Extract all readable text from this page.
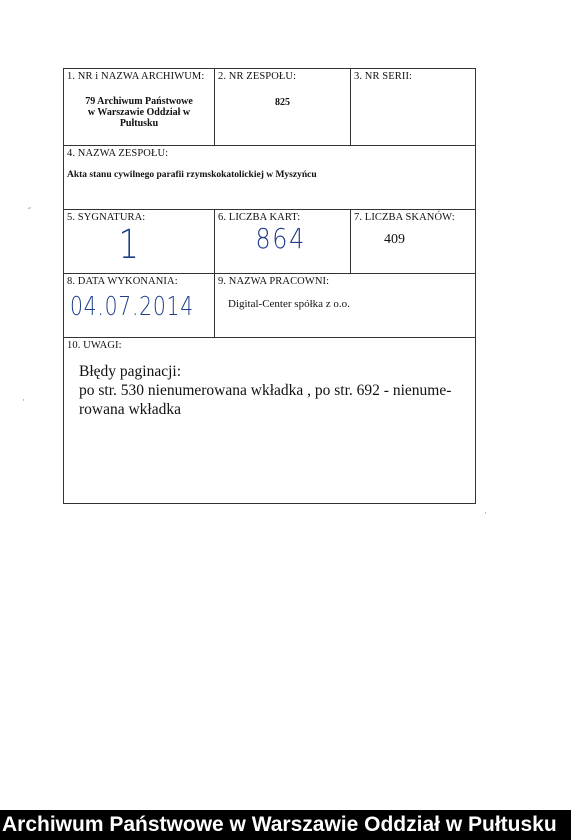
1. NR i NAZWA ARCHIWUM:
79 Archiwum Państwowe
w Warszawie Oddział w
Pułtusku
2. NR ZESPOŁU:
825
3. NR SERII:
4. NAZWA ZESPOŁU:
Akta stanu cywilnego parafii rzymskokatolickiej w Myszyńcu
5. SYGNATURA:
1
6. LICZBA KART:
864
7. LICZBA SKANÓW:
409
8. DATA WYKONANIA:
04.07.2014
9. NAZWA PRACOWNI:
Digital-Center spółka z o.o.
10. UWAGI:
Błędy paginacji:
po str. 530 nienumerowana wkładka , po str. 692 - nienume-
rowana wkładka
˶
·
·
Archiwum Państwowe w Warszawie Oddział w Pułtusku
